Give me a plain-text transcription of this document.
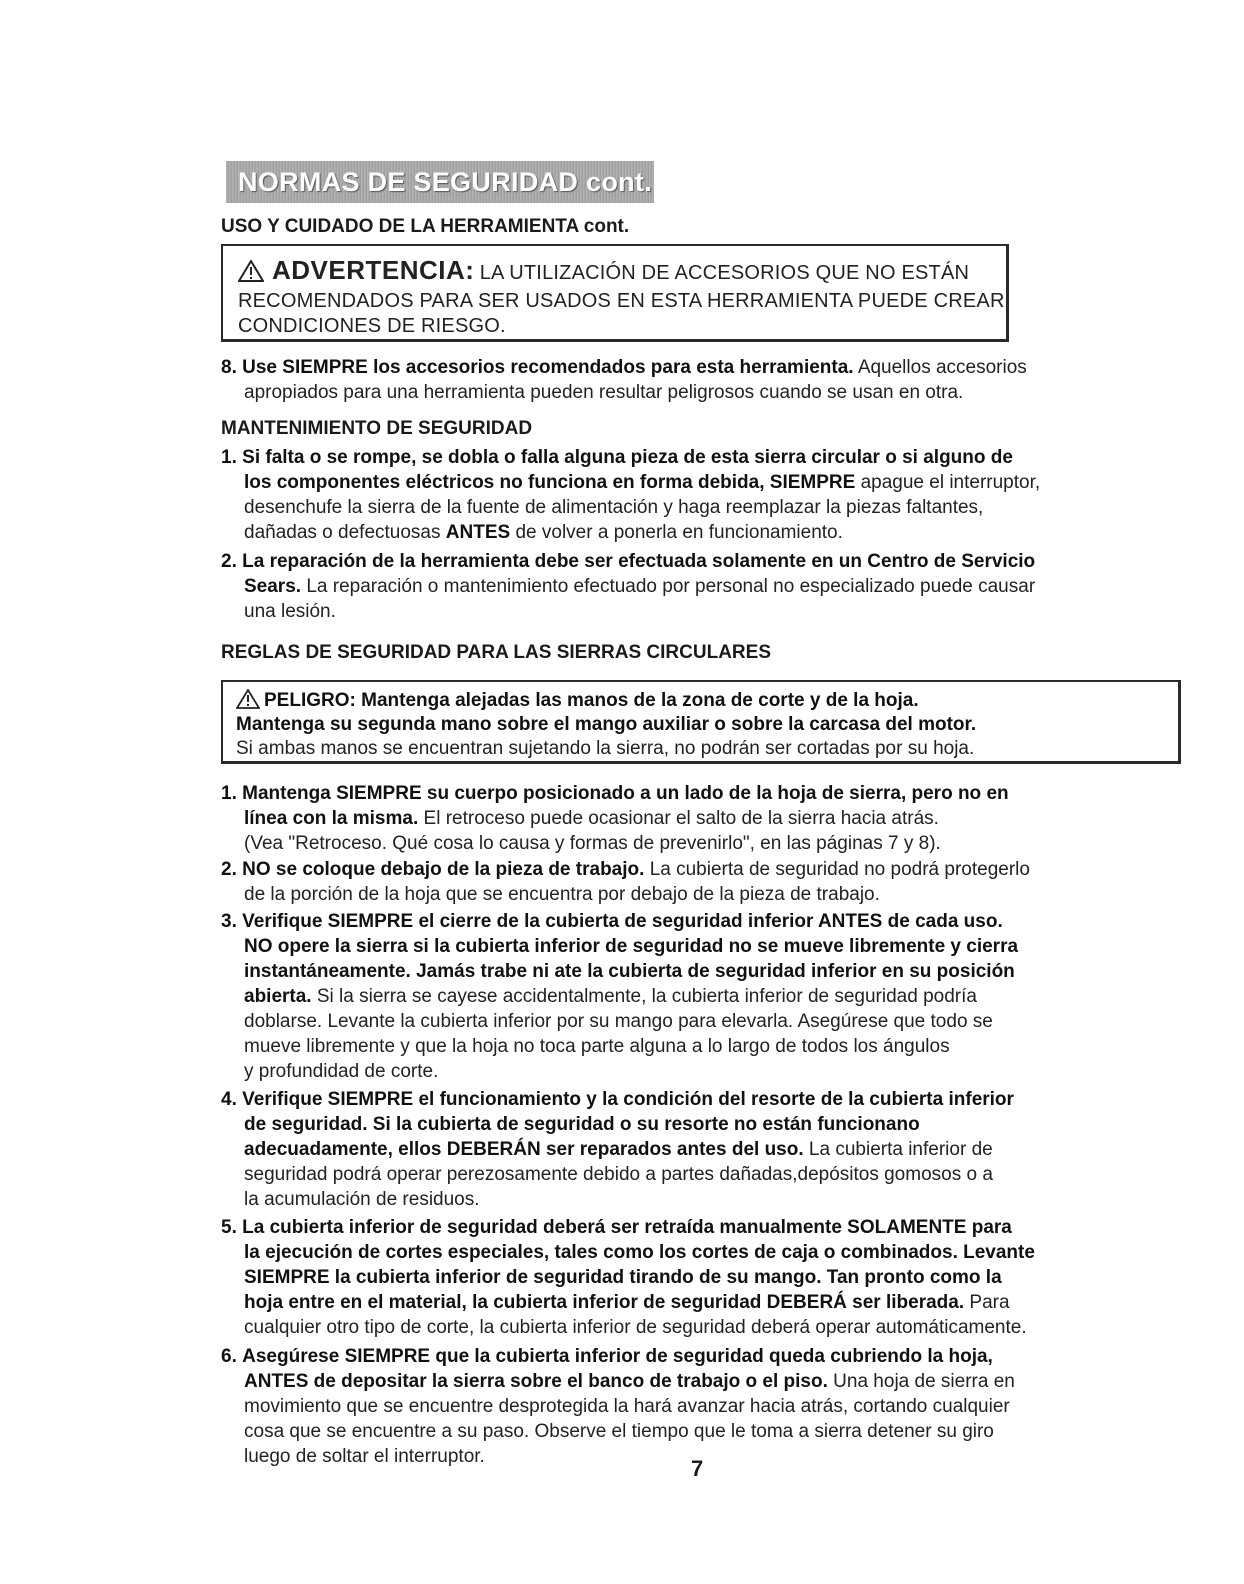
NORMAS DE SEGURIDAD cont.
USO Y CUIDADO DE LA HERRAMIENTA cont.
ADVERTENCIA: LA UTILIZACIÓN DE ACCESORIOS QUE NO ESTÁN
RECOMENDADOS PARA SER USADOS EN ESTA HERRAMIENTA PUEDE CREAR
CONDICIONES DE RIESGO.
8. Use SIEMPRE los accesorios recomendados para esta herramienta. Aquellos accesorios
apropiados para una herramienta pueden resultar peligrosos cuando se usan en otra.
MANTENIMIENTO DE SEGURIDAD
1. Si falta o se rompe, se dobla o falla alguna pieza de esta sierra circular o si alguno de
los componentes eléctricos no funciona en forma debida, SIEMPRE apague el interruptor,
desenchufe la sierra de la fuente de alimentación y haga reemplazar la piezas faltantes,
dañadas o defectuosas ANTES de volver a ponerla en funcionamiento.
2. La reparación de la herramienta debe ser efectuada solamente en un Centro de Servicio
Sears. La reparación o mantenimiento efectuado por personal no especializado puede causar
una lesión.
REGLAS DE SEGURIDAD PARA LAS SIERRAS CIRCULARES
PELIGRO: Mantenga alejadas las manos de la zona de corte y de la hoja.
Mantenga su segunda mano sobre el mango auxiliar o sobre la carcasa del motor.
Si ambas manos se encuentran sujetando la sierra, no podrán ser cortadas por su hoja.
1. Mantenga SIEMPRE su cuerpo posicionado a un lado de la hoja de sierra, pero no en
línea con la misma. El retroceso puede ocasionar el salto de la sierra hacia atrás.
(Vea "Retroceso. Qué cosa lo causa y formas de prevenirlo", en las páginas 7 y 8).
2. NO se coloque debajo de la pieza de trabajo. La cubierta de seguridad no podrá protegerlo
de la porción de la hoja que se encuentra por debajo de la pieza de trabajo.
3. Verifique SIEMPRE el cierre de la cubierta de seguridad inferior ANTES de cada uso.
NO opere la sierra si la cubierta inferior de seguridad no se mueve libremente y cierra
instantáneamente. Jamás trabe ni ate la cubierta de seguridad inferior en su posición
abierta. Si la sierra se cayese accidentalmente, la cubierta inferior de seguridad podría
doblarse. Levante la cubierta inferior por su mango para elevarla. Asegúrese que todo se
mueve libremente y que la hoja no toca parte alguna a lo largo de todos los ángulos
y profundidad de corte.
4. Verifique SIEMPRE el funcionamiento y la condición del resorte de la cubierta inferior
de seguridad. Si la cubierta de seguridad o su resorte no están funcionano
adecuadamente, ellos DEBERÁN ser reparados antes del uso. La cubierta inferior de
seguridad podrá operar perezosamente debido a partes dañadas,depósitos gomosos o a
la acumulación de residuos.
5. La cubierta inferior de seguridad deberá ser retraída manualmente SOLAMENTE para
la ejecución de cortes especiales, tales como los cortes de caja o combinados. Levante
SIEMPRE la cubierta inferior de seguridad tirando de su mango. Tan pronto como la
hoja entre en el material, la cubierta inferior de seguridad DEBERÁ ser liberada. Para
cualquier otro tipo de corte, la cubierta inferior de seguridad deberá operar automáticamente.
6. Asegúrese SIEMPRE que la cubierta inferior de seguridad queda cubriendo la hoja,
ANTES de depositar la sierra sobre el banco de trabajo o el piso. Una hoja de sierra en
movimiento que se encuentre desprotegida la hará avanzar hacia atrás, cortando cualquier
cosa que se encuentre a su paso. Observe el tiempo que le toma a sierra detener su giro
luego de soltar el interruptor.	7
